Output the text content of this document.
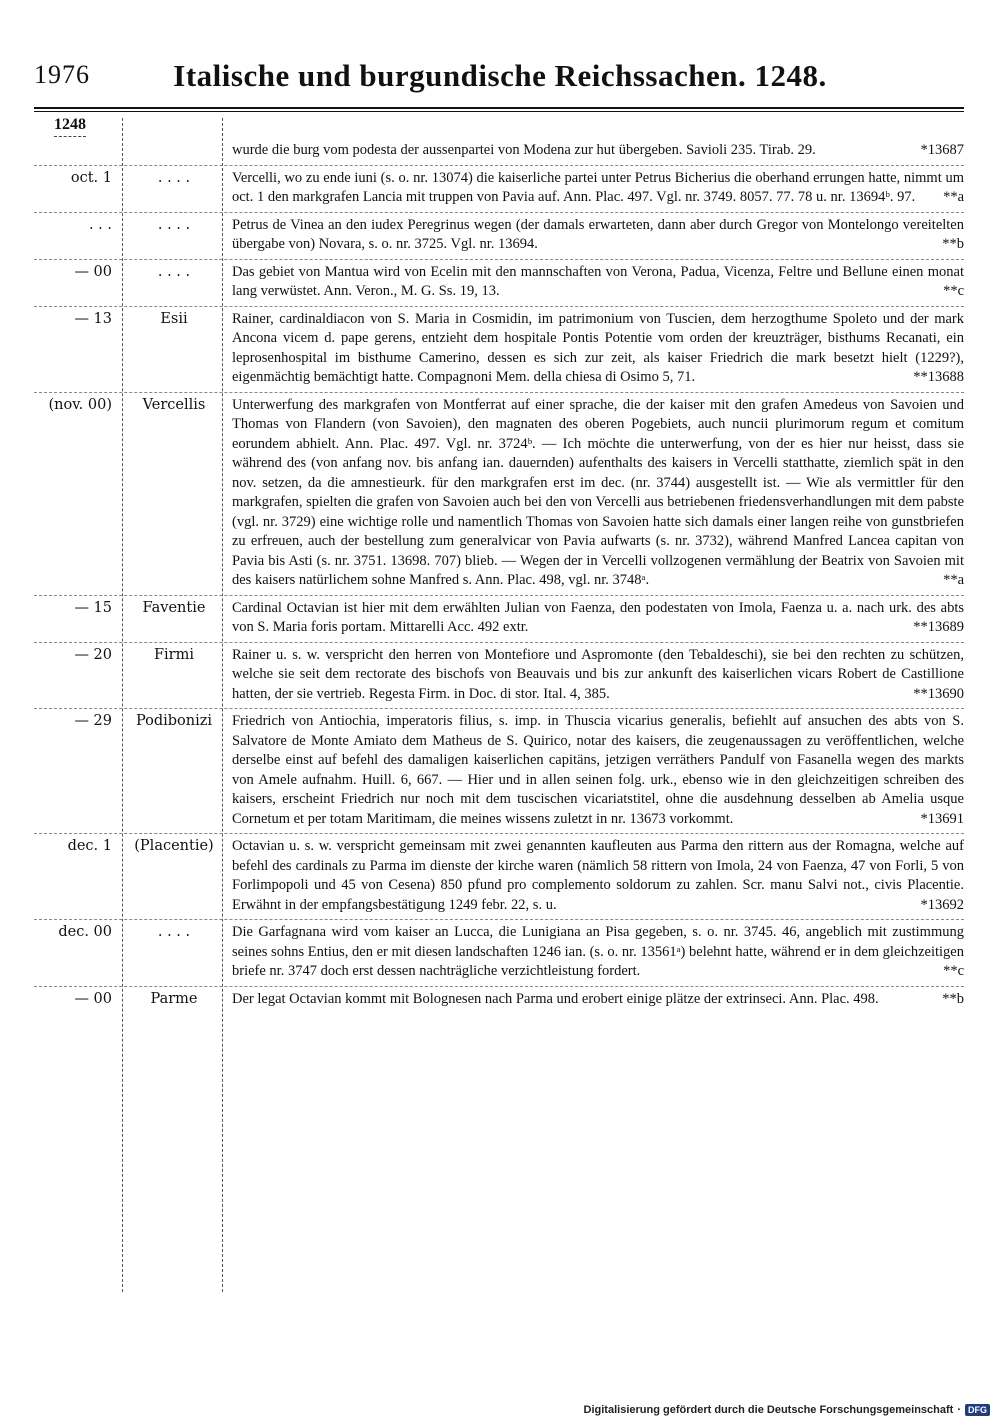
1976	Italische und burgundische Reichssachen. 1248.
1248
wurde die burg vom podesta der aussenpartei von Modena zur hut übergeben. Savioli 235. Tirab. 29.	*13687
oct. 1	. . . .	Vercelli, wo zu ende iuni (s. o. nr. 13074) die kaiserliche partei unter Petrus Bicherius die oberhand errungen hatte, nimmt um oct. 1 den markgrafen Lancia mit truppen von Pavia auf. Ann. Plac. 497. Vgl. nr. 3749. 8057. 77. 78 u. nr. 13694ᵇ. 97. **a
. . .	. . . .	Petrus de Vinea an den iudex Peregrinus wegen (der damals erwarteten, dann aber durch Gregor von Montelongo vereitelten übergabe von) Novara, s. o. nr. 3725. Vgl. nr. 13694.	**b
— 00	. . . .	Das gebiet von Mantua wird von Ecelin mit den mannschaften von Verona, Padua, Vicenza, Feltre und Bellune einen monat lang verwüstet. Ann. Veron., M. G. Ss. 19, 13.	**c
— 13	Esii	Rainer, cardinaldiacon von S. Maria in Cosmidin, im patrimonium von Tuscien, dem herzogthume Spoleto und der mark Ancona vicem d. pape gerens, entzieht dem hospitale Pontis Potentie vom orden der kreuzträger, bisthums Recanati, ein leprosenhospital im bisthume Camerino, dessen es sich zur zeit, als kaiser Friedrich die mark besetzt hielt (1229?), eigenmächtig bemächtigt hatte. Compagnoni Mem. della chiesa di Osimo 5, 71.	**13688
(nov. 00)	Vercellis	Unterwerfung des markgrafen von Montferrat auf einer sprache, die der kaiser mit den grafen Amedeus von Savoien und Thomas von Flandern (von Savoien), den magnaten des oberen Pogebiets, auch nuncii plurimorum regum et comitum eorundem abhielt. Ann. Plac. 497. Vgl. nr. 3724ᵇ. — Ich möchte die unterwerfung, von der es hier nur heisst, dass sie während des (von anfang nov. bis anfang ian. dauernden) aufenthalts des kaisers in Vercelli statthatte, ziemlich spät in den nov. setzen, da die amnestieurk. für den markgrafen erst im dec. (nr. 3744) ausgestellt ist. — Wie als vermittler für den markgrafen, spielten die grafen von Savoien auch bei den von Vercelli aus betriebenen friedensverhandlungen mit dem pabste (vgl. nr. 3729) eine wichtige rolle und namentlich Thomas von Savoien hatte sich damals einer langen reihe von gunstbriefen zu erfreuen, auch der bestellung zum generalvicar von Pavia aufwarts (s. nr. 3732), während Manfred Lancea capitan von Pavia bis Asti (s. nr. 3751. 13698. 707) blieb. — Wegen der in Vercelli vollzogenen vermählung der Beatrix von Savoien mit des kaisers natürlichem sohne Manfred s. Ann. Plac. 498, vgl. nr. 3748ᵃ.	**a
— 15	Faventie	Cardinal Octavian ist hier mit dem erwählten Julian von Faenza, den podestaten von Imola, Faenza u. a. nach urk. des abts von S. Maria foris portam. Mittarelli Acc. 492 extr.	**13689
— 20	Firmi	Rainer u. s. w. verspricht den herren von Montefiore und Aspromonte (den Tebaldeschi), sie bei den rechten zu schützen, welche sie seit dem rectorate des bischofs von Beauvais und bis zur ankunft des kaiserlichen vicars Robert de Castillione hatten, der sie vertrieb. Regesta Firm. in Doc. di stor. Ital. 4, 385.	**13690
— 29	Podibonizi	Friedrich von Antiochia, imperatoris filius, s. imp. in Thuscia vicarius generalis, befiehlt auf ansuchen des abts von S. Salvatore de Monte Amiato dem Matheus de S. Quirico, notar des kaisers, die zeugenaussagen zu veröffentlichen, welche derselbe einst auf befehl des damaligen kaiserlichen capitäns, jetzigen verräthers Pandulf von Fasanella wegen des markts von Amele aufnahm. Huill. 6, 667. — Hier und in allen seinen folg. urk., ebenso wie in den gleichzeitigen schreiben des kaisers, erscheint Friedrich nur noch mit dem tuscischen vicariatstitel, ohne die ausdehnung desselben ab Amelia usque Cornetum et per totam Maritimam, die meines wissens zuletzt in nr. 13673 vorkommt.	*13691
dec. 1	(Placentie)	Octavian u. s. w. verspricht gemeinsam mit zwei genannten kaufleuten aus Parma den rittern aus der Romagna, welche auf befehl des cardinals zu Parma im dienste der kirche waren (nämlich 58 rittern von Imola, 24 von Faenza, 47 von Forli, 5 von Forlimpopoli und 45 von Cesena) 850 pfund pro complemento soldorum zu zahlen. Scr. manu Salvi not., civis Placentie. Erwähnt in der empfangsbestätigung 1249 febr. 22, s. u.	*13692
dec. 00	. . . .	Die Garfagnana wird vom kaiser an Lucca, die Lunigiana an Pisa gegeben, s. o. nr. 3745. 46, angeblich mit zustimmung seines sohns Entius, den er mit diesen landschaften 1246 ian. (s. o. nr. 13561ᵃ) belehnt hatte, während er in dem gleichzeitigen briefe nr. 3747 doch erst dessen nachträgliche verzichtleistung fordert.	**c
— 00	Parme	Der legat Octavian kommt mit Bolognesen nach Parma und erobert einige plätze der extrinseci. Ann. Plac. 498.	**b
Digitalisierung gefördert durch die Deutsche Forschungsgemeinschaft · DFG
